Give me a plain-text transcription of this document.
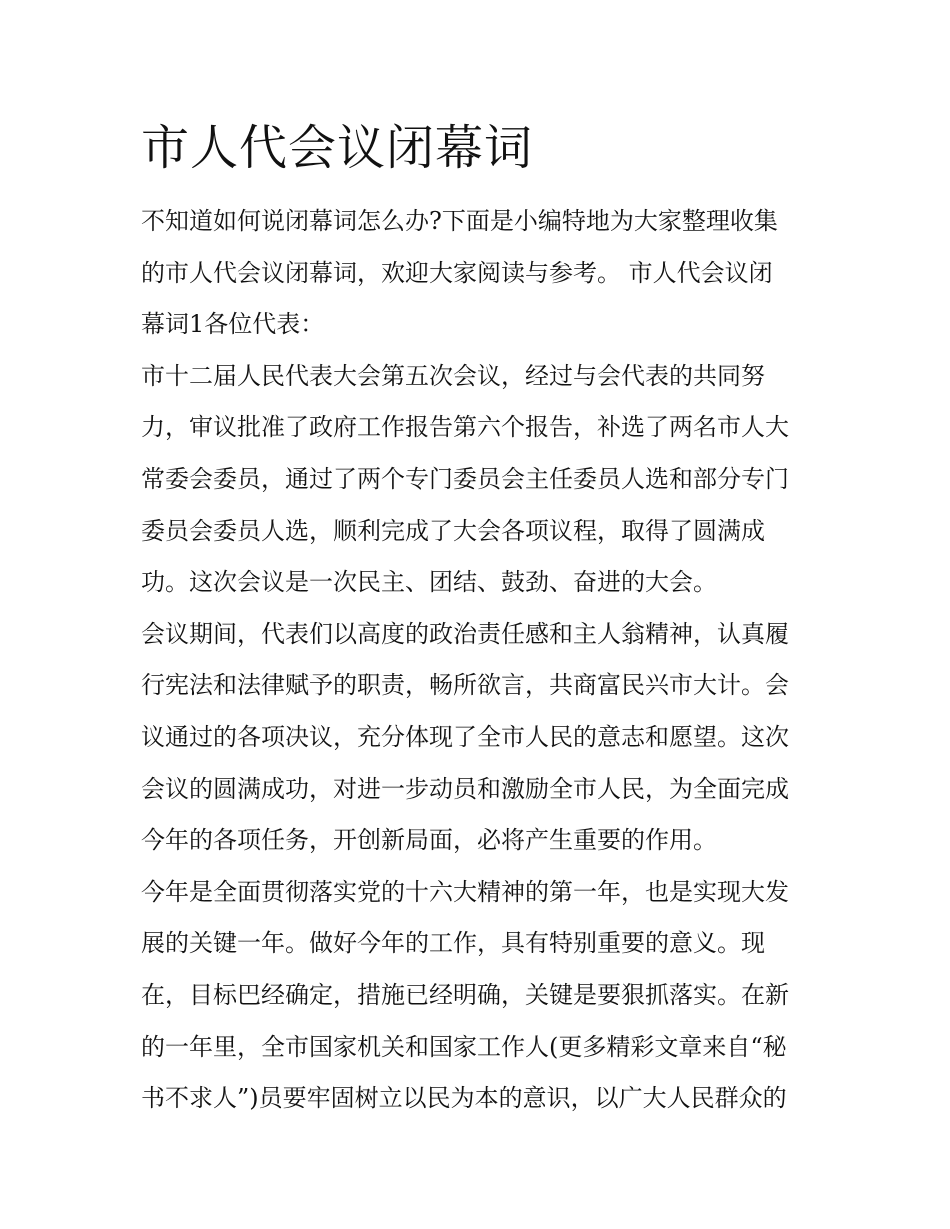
市人代会议闭幕词
不知道如何说闭幕词怎么办?下面是小编特地为大家整理收集
的市人代会议闭幕词，欢迎大家阅读与参考。 市人代会议闭
幕词1各位代表：
市十二届人民代表大会第五次会议，经过与会代表的共同努
力，审议批准了政府工作报告第六个报告，补选了两名市人大
常委会委员，通过了两个专门委员会主任委员人选和部分专门
委员会委员人选，顺利完成了大会各项议程，取得了圆满成
功。这次会议是一次民主、团结、鼓劲、奋进的大会。
会议期间，代表们以高度的政治责任感和主人翁精神，认真履
行宪法和法律赋予的职责，畅所欲言，共商富民兴市大计。会
议通过的各项决议，充分体现了全市人民的意志和愿望。这次
会议的圆满成功，对进一步动员和激励全市人民，为全面完成
今年的各项任务，开创新局面，必将产生重要的作用。
今年是全面贯彻落实党的十六大精神的第一年，也是实现大发
展的关键一年。做好今年的工作，具有特别重要的意义。现
在，目标巴经确定，措施已经明确，关键是要狠抓落实。在新
的一年里，全市国家机关和国家工作人(更多精彩文章来自“秘
书不求人”)员要牢固树立以民为本的意识，以广大人民群众的
